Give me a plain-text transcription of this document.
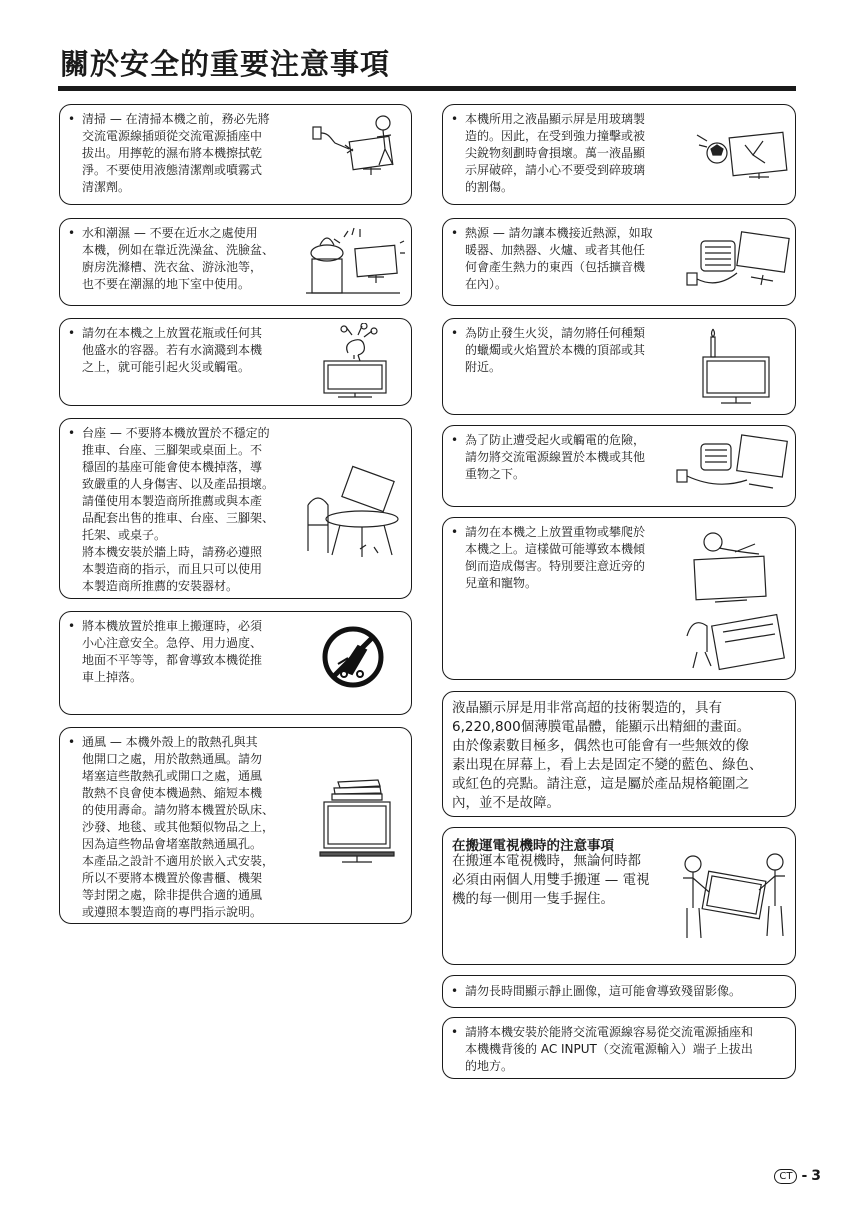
關於安全的重要注意事項

• 清掃 — 在清掃本機之前，務必先將
交流電源線插頭從交流電源插座中
拔出。用擰乾的濕布將本機擦拭乾
淨。不要使用液態清潔劑或噴霧式
清潔劑。

• 水和潮濕 — 不要在近水之處使用
本機，例如在靠近洗澡盆、洗臉盆、
廚房洗滌槽、洗衣盆、游泳池等，
也不要在潮濕的地下室中使用。

• 請勿在本機之上放置花瓶或任何其
他盛水的容器。若有水滴濺到本機
之上，就可能引起火災或觸電。

• 台座 — 不要將本機放置於不穩定的
推車、台座、三腳架或桌面上。不
穩固的基座可能會使本機掉落，導
致嚴重的人身傷害、以及產品損壞。
請僅使用本製造商所推薦或與本產
品配套出售的推車、台座、三腳架、
托架、或桌子。
將本機安裝於牆上時，請務必遵照
本製造商的指示，而且只可以使用
本製造商所推薦的安裝器材。

• 將本機放置於推車上搬運時，必須
小心注意安全。急停、用力過度、
地面不平等等，都會導致本機從推
車上掉落。

• 通風 — 本機外殼上的散熱孔與其
他開口之處，用於散熱通風。請勿
堵塞這些散熱孔或開口之處，通風
散熱不良會使本機過熱、縮短本機
的使用壽命。請勿將本機置於臥床、
沙發、地毯、或其他類似物品之上，
因為這些物品會堵塞散熱通風孔。
本產品之設計不適用於嵌入式安裝，
所以不要將本機置於像書櫃、機架
等封閉之處，除非提供合適的通風
或遵照本製造商的專門指示說明。

• 本機所用之液晶顯示屏是用玻璃製
造的。因此，在受到強力撞擊或被
尖銳物刻劃時會損壞。萬一液晶顯
示屏破碎，請小心不要受到碎玻璃
的割傷。

• 熱源 — 請勿讓本機接近熱源，如取
暖器、加熱器、火爐、或者其他任
何會產生熱力的東西（包括擴音機
在內）。

• 為防止發生火災，請勿將任何種類
的蠟燭或火焰置於本機的頂部或其
附近。

• 為了防止遭受起火或觸電的危險，
請勿將交流電源線置於本機或其他
重物之下。

• 請勿在本機之上放置重物或攀爬於
本機之上。這樣做可能導致本機傾
倒而造成傷害。特別要注意近旁的
兒童和寵物。

液晶顯示屏是用非常高超的技術製造的，具有
6,220,800個薄膜電晶體，能顯示出精細的畫面。
由於像素數目極多，偶然也可能會有一些無效的像
素出現在屏幕上，看上去是固定不變的藍色、綠色、
或紅色的亮點。請注意，這是屬於產品規格範圍之
內，並不是故障。

在搬運電視機時的注意事項

在搬運本電視機時，無論何時都
必須由兩個人用雙手搬運 — 電視
機的每一側用一隻手握住。

• 請勿長時間顯示靜止圖像，這可能會導致殘留影像。

• 請將本機安裝於能將交流電源線容易從交流電源插座和
本機機背後的 AC INPUT（交流電源輸入）端子上拔出
的地方。

CT - 3
